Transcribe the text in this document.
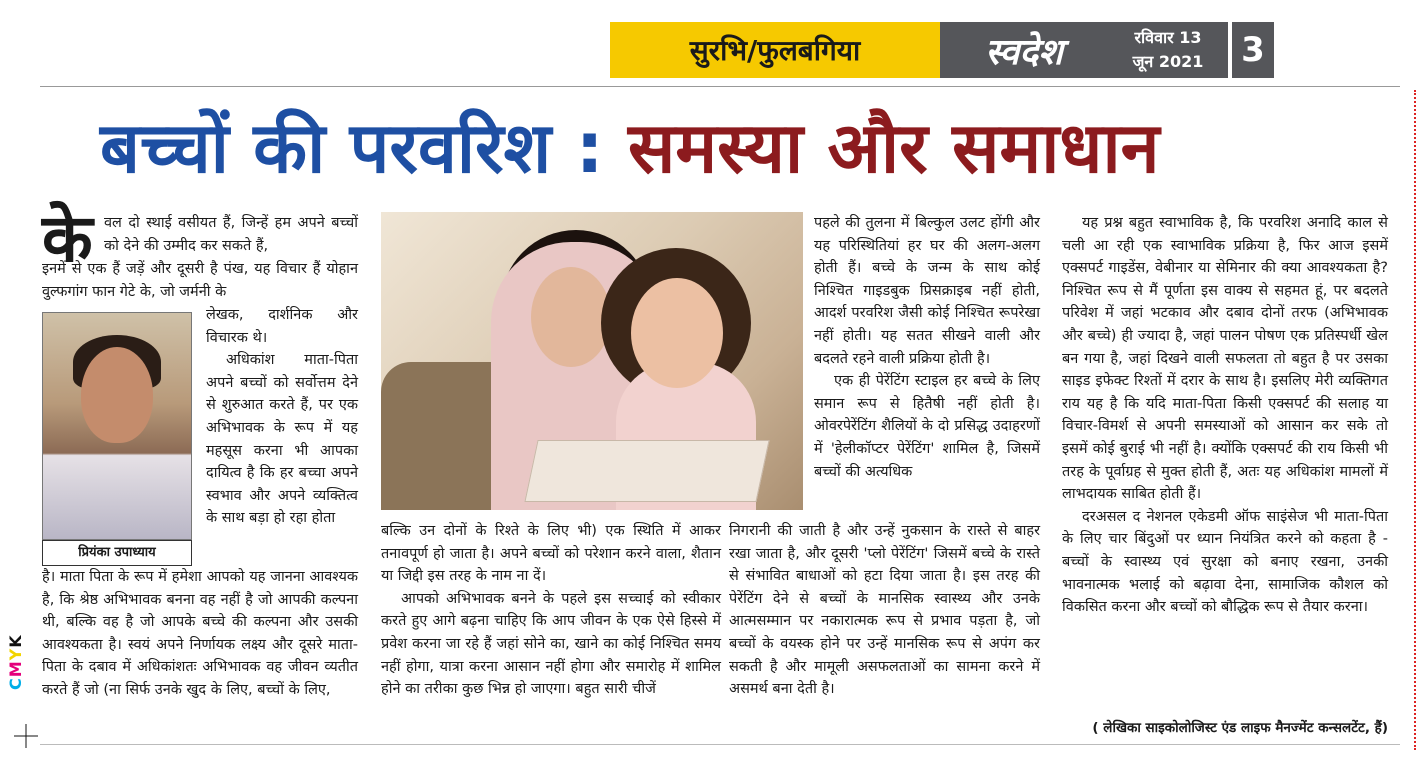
सुरभि/फुलबगिया	स्वदेश	रविवार 13
जून 2021 3
बच्चों की परवरिश : समस्या और समाधान
के वल दो स्थाई वसीयत हैं, जिन्हें हम अपने बच्चों को देने की उम्मीद कर सकते हैं,

इनमें से एक हैं जड़ें और दूसरी है पंख, यह विचार हैं योहान वुल्फगांग फान गेटे के, जो जर्मनी के

प्रियंका उपाध्याय

लेखक, दार्शनिक और विचारक थे।

अधिकांश माता-पिता अपने बच्चों को सर्वोत्तम देने से शुरुआत करते हैं, पर एक अभिभावक के रूप में यह महसूस करना भी आपका दायित्व है कि हर बच्चा अपने स्वभाव और अपने व्यक्तित्व के साथ बड़ा हो रहा होता

है। माता पिता के रूप में हमेशा आपको यह जानना आवश्यक है, कि श्रेष्ठ अभिभावक बनना वह नहीं है जो आपकी कल्पना थी, बल्कि वह है जो आपके बच्चे की कल्पना और उसकी आवश्यकता है। स्वयं अपने निर्णायक लक्ष्य और दूसरे माता-पिता के दबाव में अधिकांशतः अभिभावक वह जीवन व्यतीत करते हैं जो (ना सिर्फ उनके खुद के लिए, बच्चों के लिए,

बल्कि उन दोनों के रिश्ते के लिए भी) एक स्थिति में आकर तनावपूर्ण हो जाता है। अपने बच्चों को परेशान करने वाला, शैतान या जिद्दी इस तरह के नाम ना दें।

आपको अभिभावक बनने के पहले इस सच्चाई को स्वीकार करते हुए आगे बढ़ना चाहिए कि आप जीवन के एक ऐसे हिस्से में प्रवेश करना जा रहे हैं जहां सोने का, खाने का कोई निश्चित समय नहीं होगा, यात्रा करना आसान नहीं होगा और समारोह में शामिल होने का तरीका कुछ भिन्न हो जाएगा। बहुत सारी चीजें

पहले की तुलना में बिल्कुल उलट होंगी और यह परिस्थितियां हर घर की अलग-अलग होती हैं। बच्चे के जन्म के साथ कोई निश्चित गाइडबुक प्रिसक्राइब नहीं होती, आदर्श परवरिश जैसी कोई निश्चित रूपरेखा नहीं होती। यह सतत सीखने वाली और बदलते रहने वाली प्रक्रिया होती है।

एक ही पेरेंटिंग स्टाइल हर बच्चे के लिए समान रूप से हितैषी नहीं होती है। ओवरपेरेंटिंग शैलियों के दो प्रसिद्ध उदाहरणों में 'हेलीकॉप्टर पेरेंटिंग' शामिल है, जिसमें बच्चों की अत्यधिक

निगरानी की जाती है और उन्हें नुकसान के रास्ते से बाहर रखा जाता है, और दूसरी 'प्लो पेरेंटिंग' जिसमें बच्चे के रास्ते से संभावित बाधाओं को हटा दिया जाता है। इस तरह की पेरेंटिंग देने से बच्चों के मानसिक स्वास्थ्य और उनके आत्मसम्मान पर नकारात्मक रूप से प्रभाव पड़ता है, जो बच्चों के वयस्क होने पर उन्हें मानसिक रूप से अपंग कर सकती है और मामूली असफलताओं का सामना करने में असमर्थ बना देती है।

यह प्रश्न बहुत स्वाभाविक है, कि परवरिश अनादि काल से चली आ रही एक स्वाभाविक प्रक्रिया है, फिर आज इसमें एक्सपर्ट गाइडेंस, वेबीनार या सेमिनार की क्या आवश्यकता है? निश्चित रूप से मैं पूर्णता इस वाक्य से सहमत हूं, पर बदलते परिवेश में जहां भटकाव और दबाव दोनों तरफ (अभिभावक और बच्चे) ही ज्यादा है, जहां पालन पोषण एक प्रतिस्पर्धी खेल बन गया है, जहां दिखने वाली सफलता तो बहुत है पर उसका साइड इफेक्ट रिश्तों में दरार के साथ है। इसलिए मेरी व्यक्तिगत राय यह है कि यदि माता-पिता किसी एक्सपर्ट की सलाह या विचार-विमर्श से अपनी समस्याओं को आसान कर सके तो इसमें कोई बुराई भी नहीं है। क्योंकि एक्सपर्ट की राय किसी भी तरह के पूर्वाग्रह से मुक्त होती हैं, अतः यह अधिकांश मामलों में लाभदायक साबित होती हैं।

दरअसल द नेशनल एकेडमी ऑफ साइंसेज भी माता-पिता के लिए चार बिंदुओं पर ध्यान नियंत्रित करने को कहता है - बच्चों के स्वास्थ्य एवं सुरक्षा को बनाए रखना, उनकी भावनात्मक भलाई को बढ़ावा देना, सामाजिक कौशल को विकसित करना और बच्चों को बौद्धिक रूप से तैयार करना।

( लेखिका साइकोलोजिस्ट एंड लाइफ मैनज्मेंट कन्सलटेंट, हैं)
CMYK
